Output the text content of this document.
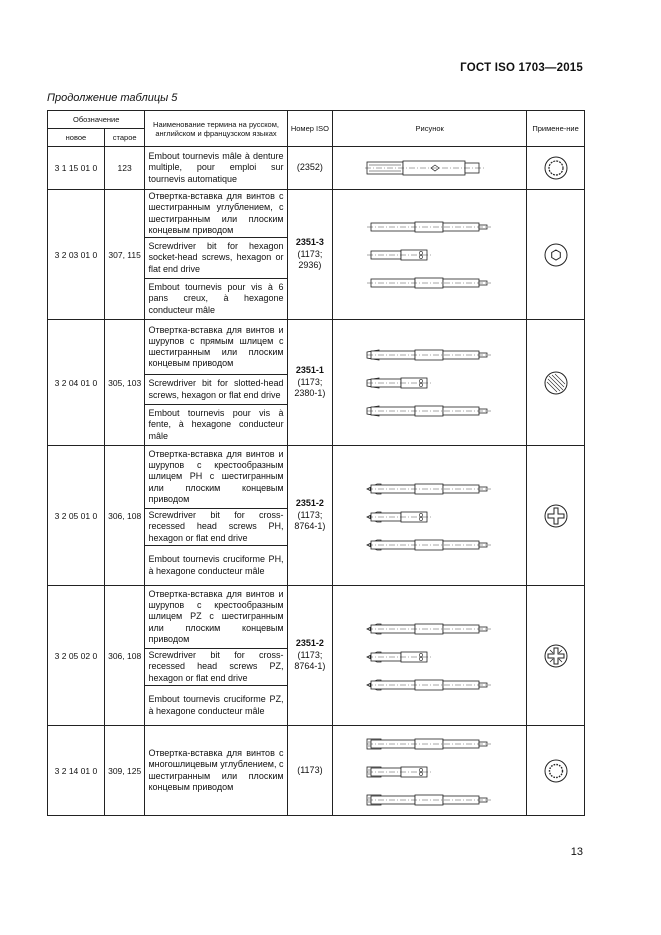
ГОСТ ISO 1703—2015
Продолжение таблицы 5
Обозначение		Наименование термина на русском, английском и французском языках	Номер ISO	Рисунок	Примене-ние
новое	старое				
3 1 15 01 0	123	Embout tournevis mâle à denture multiple, pour emploi sur tournevis automatique	(2352)	

3 2 03 01 0	307, 115	Отвертка-вставка для винтов с шестигранным углублением, с шестигранным или плоским концевым приводом	2351-3
(1173; 2936)	

		Screwdriver bit for hexagon socket-head screws, hexagon or flat end drive			
		Embout tournevis pour vis à 6 pans creux, à hexagone conducteur mâle			
3 2 04 01 0	305, 103	Отвертка-вставка для винтов и шурупов с прямым шлицем с шестигранным или плоским концевым приводом	2351-1
(1173; 2380-1)	

		Screwdriver bit for slotted-head screws, hexagon or flat end drive			
		Embout tournevis pour vis à fente, à hexagone conducteur mâle			
3 2 05 01 0	306, 108	Отвертка-вставка для винтов и шурупов с крестообразным шлицем PH с шестигранным или плоским концевым приводом	2351-2
(1173; 8764-1)	

		Screwdriver bit for cross-recessed head screws PH, hexagon or flat end drive			
		Embout tournevis cruciforme PH, à hexagone conducteur mâle			
3 2 05 02 0	306, 108	Отвертка-вставка для винтов и шурупов с крестообразным шлицем PZ с шестигранным или плоским концевым приводом	2351-2
(1173; 8764-1)	

		Screwdriver bit for cross-recessed head screws PZ, hexagon or flat end drive			
		Embout tournevis cruciforme PZ, à hexagone conducteur mâle			
3 2 14 01 0	309, 125	Отвертка-вставка для винтов с многошлицевым углублением, с шестигранным или плоским концевым приводом	(1173)	

13
